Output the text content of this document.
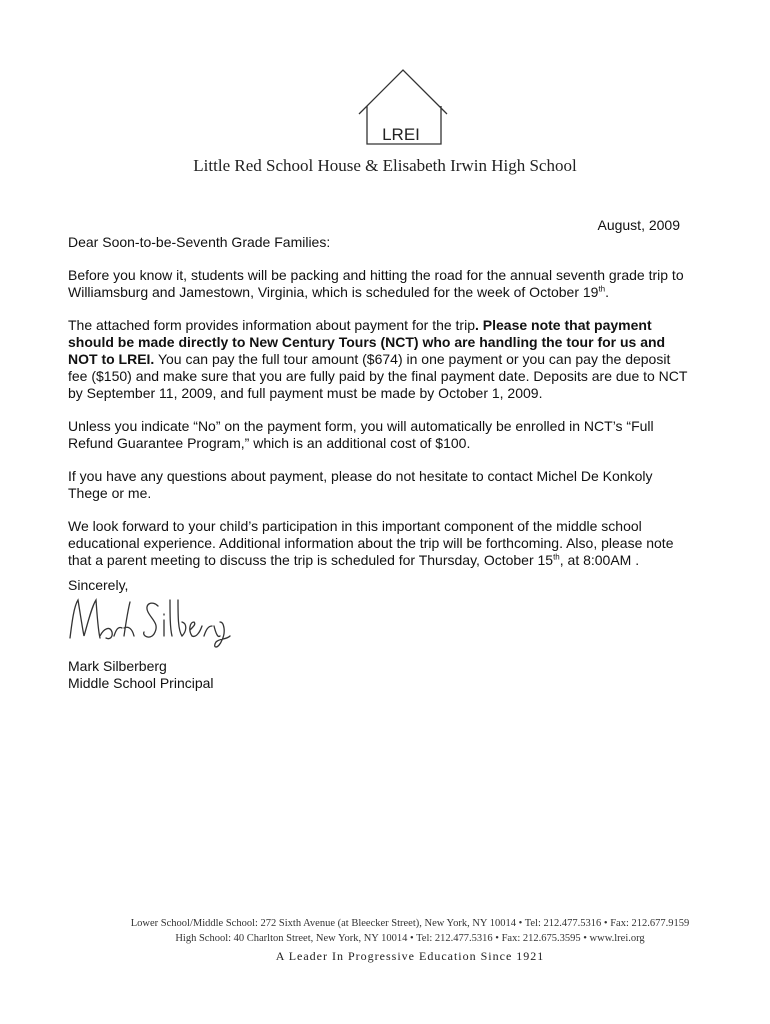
LREI
Little Red School House & Elisabeth Irwin High School
August, 2009

Dear Soon-to-be-Seventh Grade Families:

Before you know it, students will be packing and hitting the road for the annual seventh grade trip to Williamsburg and Jamestown, Virginia, which is scheduled for the week of October 19th.

The attached form provides information about payment for the trip. Please note that payment should be made directly to New Century Tours (NCT) who are handling the tour for us and NOT to LREI. You can pay the full tour amount ($674) in one payment or you can pay the deposit fee ($150) and make sure that you are fully paid by the final payment date. Deposits are due to NCT by September 11, 2009, and full payment must be made by October 1, 2009.

Unless you indicate “No” on the payment form, you will automatically be enrolled in NCT’s “Full Refund Guarantee Program,” which is an additional cost of $100.

If you have any questions about payment, please do not hesitate to contact Michel De Konkoly Thege or me.

We look forward to your child’s participation in this important component of the middle school educational experience. Additional information about the trip will be forthcoming. Also, please note that a parent meeting to discuss the trip is scheduled for Thursday, October 15th, at 8:00AM .

Sincerely,
Mark Silberberg
Middle School Principal
Lower School/Middle School: 272 Sixth Avenue (at Bleecker Street), New York, NY 10014 • Tel: 212.477.5316 • Fax: 212.677.9159
High School: 40 Charlton Street, New York, NY 10014 • Tel: 212.477.5316 • Fax: 212.675.3595 • www.lrei.org
A Leader In Progressive Education Since 1921
